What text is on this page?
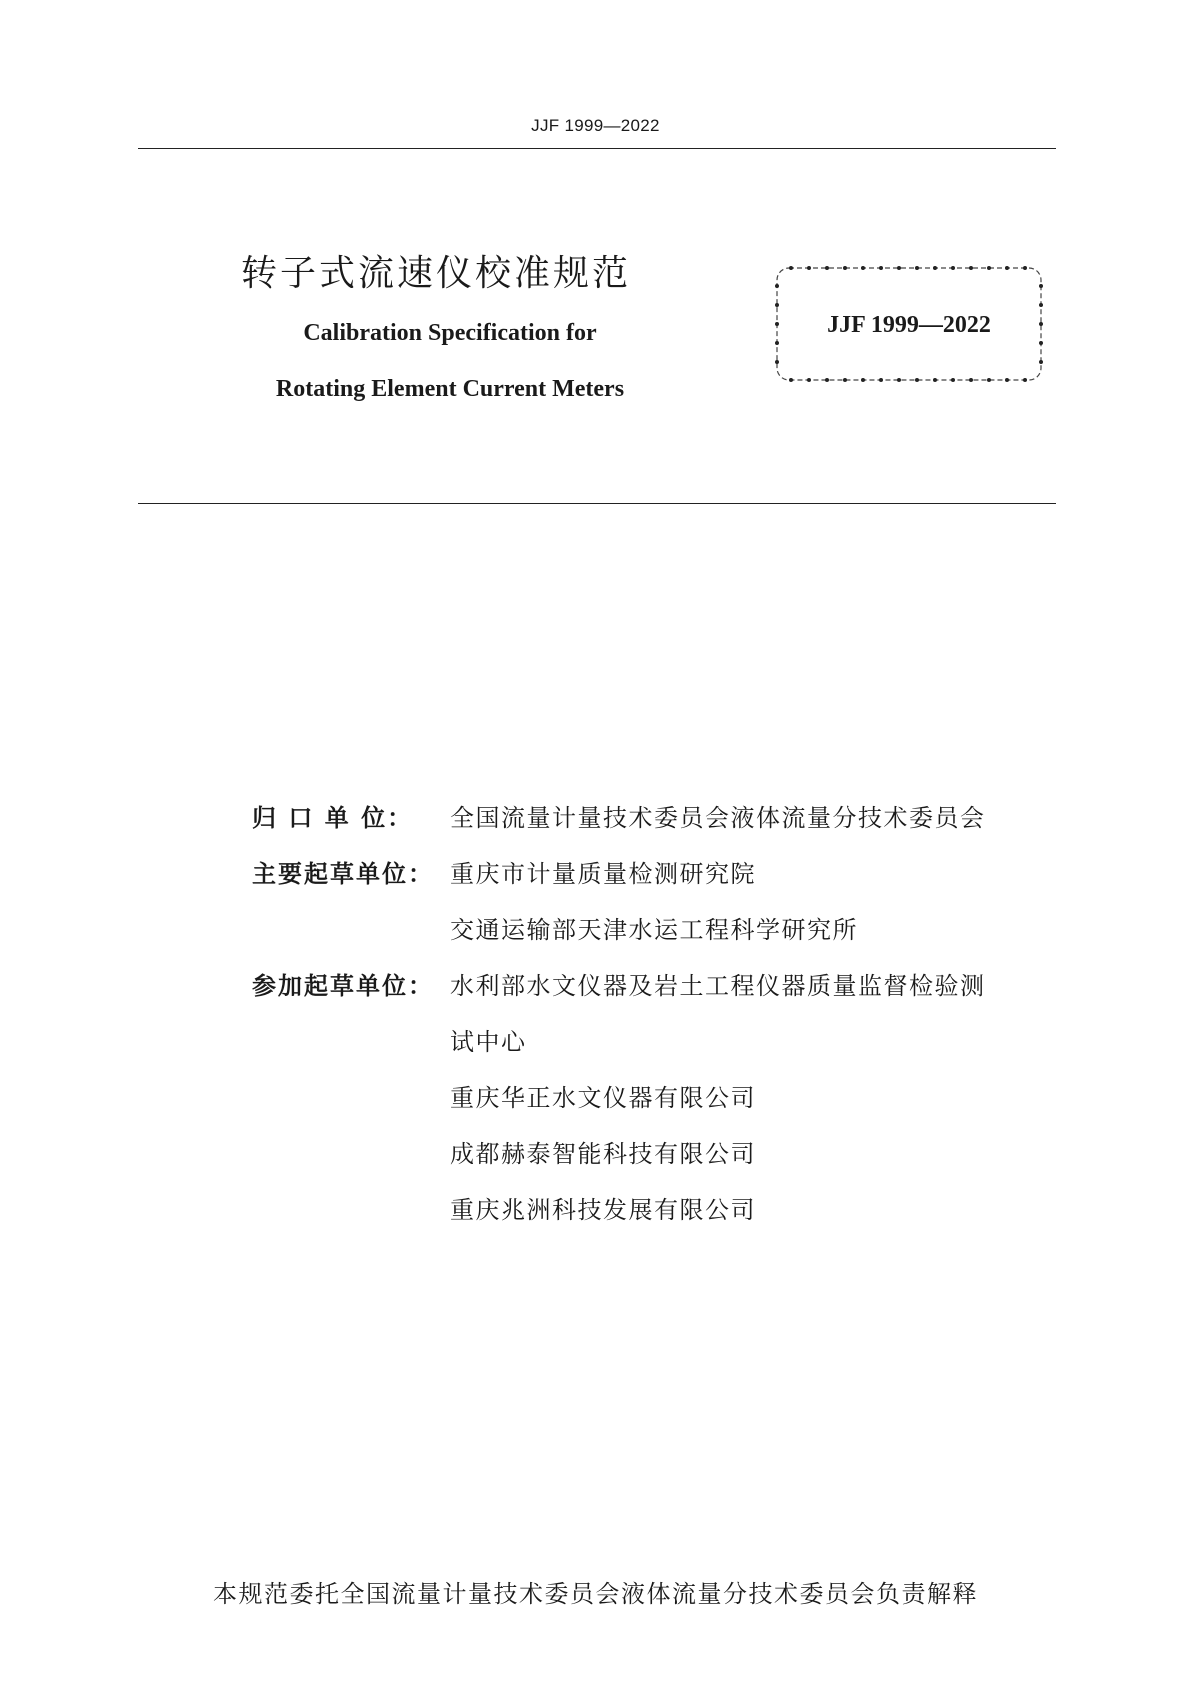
JJF 1999—2022
转子式流速仪校准规范
Calibration Specification for
Rotating Element Current Meters
JJF 1999—2022
归 口 单 位：	全国流量计量技术委员会液体流量分技术委员会
主要起草单位： 重庆市计量质量检测研究院
交通运输部天津水运工程科学研究所
参加起草单位： 水利部水文仪器及岩土工程仪器质量监督检验测
试中心
重庆华正水文仪器有限公司
成都赫泰智能科技有限公司
重庆兆洲科技发展有限公司
本规范委托全国流量计量技术委员会液体流量分技术委员会负责解释
